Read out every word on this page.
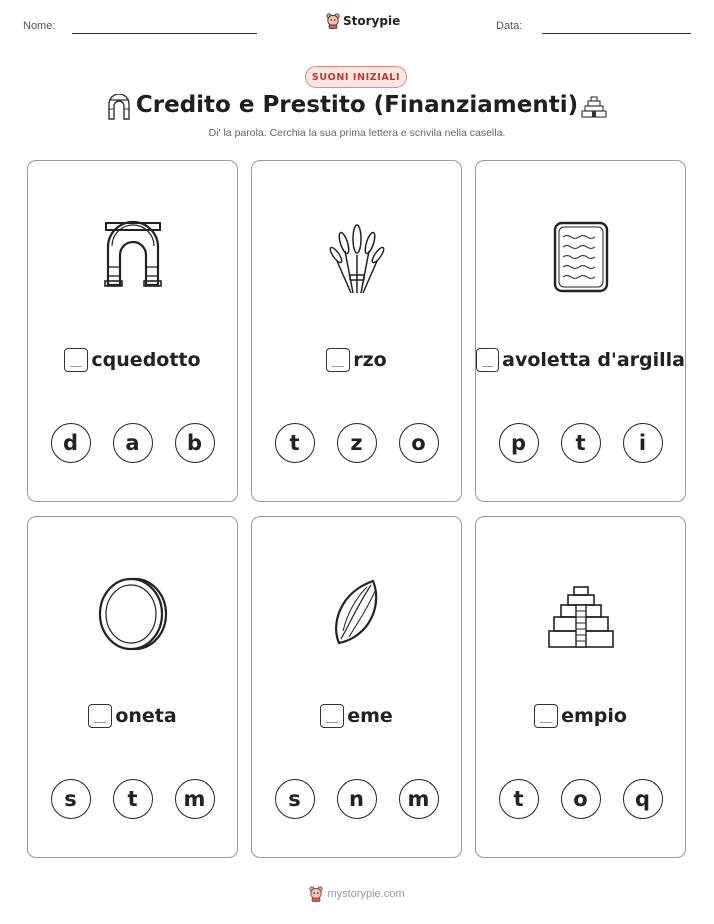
Nome:	Storypie	Data:
SUONI INIZIALI
Credito e Prestito (Finanziamenti)
Di' la parola. Cerchia la sua prima lettera e scrivila nella casella.
cquedotto
d	a	b
rzo
t	z	o
avoletta d'argilla
p	t	i
oneta
s	t	m
eme
s	n	m
empio
t	o	q
mystorypie.com
